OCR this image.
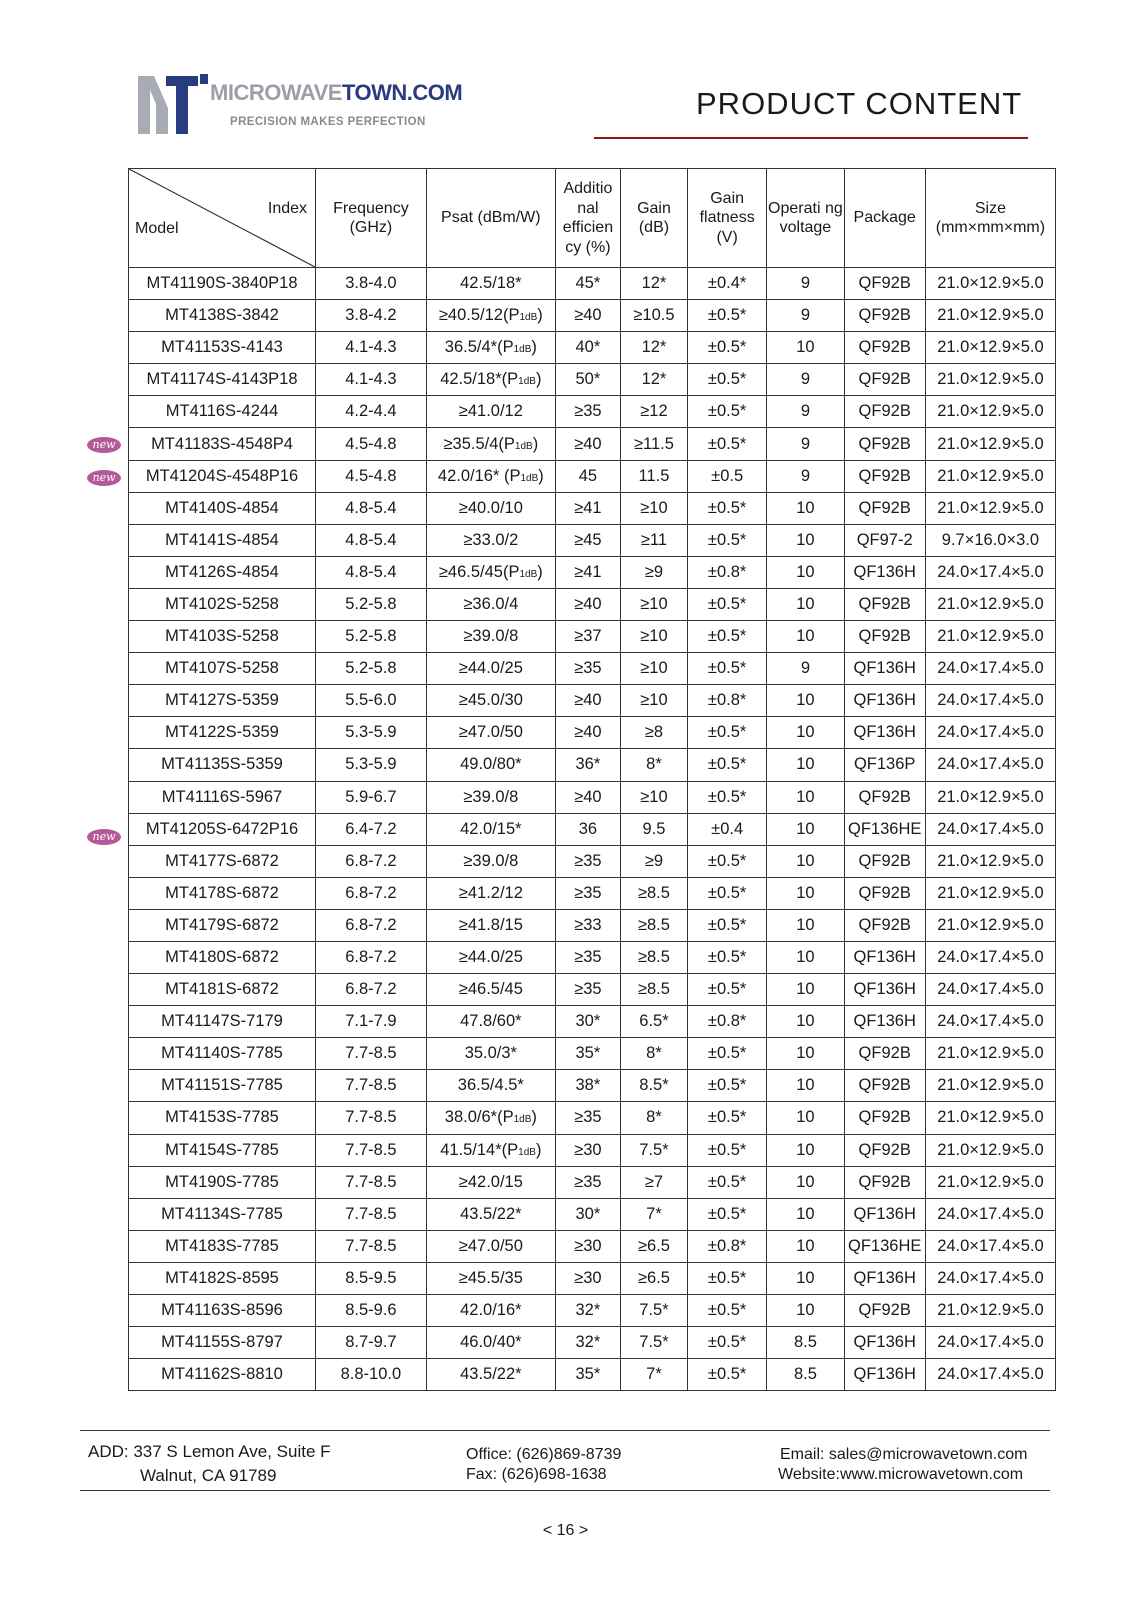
MICROWAVETOWN.COM
PRECISION MAKES PERFECTION
PRODUCT CONTENT
Index
Model	Frequency (GHz)	Psat (dBm/W)	Additio nal efficien cy (%)	Gain (dB)	Gain flatness (V)	Operati ng voltage	Package	Size (mm×mm×mm)
MT41190S-3840P18	3.8-4.0	42.5/18*	45*	12*	±0.4*	9	QF92B	21.0×12.9×5.0
MT4138S-3842	3.8-4.2	≥40.5/12(P1dB)	≥40	≥10.5	±0.5*	9	QF92B	21.0×12.9×5.0
MT41153S-4143	4.1-4.3	36.5/4*(P1dB)	40*	12*	±0.5*	10	QF92B	21.0×12.9×5.0
MT41174S-4143P18	4.1-4.3	42.5/18*(P1dB)	50*	12*	±0.5*	9	QF92B	21.0×12.9×5.0
MT4116S-4244	4.2-4.4	≥41.0/12	≥35	≥12	±0.5*	9	QF92B	21.0×12.9×5.0
MT41183S-4548P4	4.5-4.8	≥35.5/4(P1dB)	≥40	≥11.5	±0.5*	9	QF92B	21.0×12.9×5.0
MT41204S-4548P16	4.5-4.8	42.0/16* (P1dB)	45	11.5	±0.5	9	QF92B	21.0×12.9×5.0
MT4140S-4854	4.8-5.4	≥40.0/10	≥41	≥10	±0.5*	10	QF92B	21.0×12.9×5.0
MT4141S-4854	4.8-5.4	≥33.0/2	≥45	≥11	±0.5*	10	QF97-2	9.7×16.0×3.0
MT4126S-4854	4.8-5.4	≥46.5/45(P1dB)	≥41	≥9	±0.8*	10	QF136H	24.0×17.4×5.0
MT4102S-5258	5.2-5.8	≥36.0/4	≥40	≥10	±0.5*	10	QF92B	21.0×12.9×5.0
MT4103S-5258	5.2-5.8	≥39.0/8	≥37	≥10	±0.5*	10	QF92B	21.0×12.9×5.0
MT4107S-5258	5.2-5.8	≥44.0/25	≥35	≥10	±0.5*	9	QF136H	24.0×17.4×5.0
MT4127S-5359	5.5-6.0	≥45.0/30	≥40	≥10	±0.8*	10	QF136H	24.0×17.4×5.0
MT4122S-5359	5.3-5.9	≥47.0/50	≥40	≥8	±0.5*	10	QF136H	24.0×17.4×5.0
MT41135S-5359	5.3-5.9	49.0/80*	36*	8*	±0.5*	10	QF136P	24.0×17.4×5.0
MT41116S-5967	5.9-6.7	≥39.0/8	≥40	≥10	±0.5*	10	QF92B	21.0×12.9×5.0
MT41205S-6472P16	6.4-7.2	42.0/15*	36	9.5	±0.4	10	QF136HE	24.0×17.4×5.0
MT4177S-6872	6.8-7.2	≥39.0/8	≥35	≥9	±0.5*	10	QF92B	21.0×12.9×5.0
MT4178S-6872	6.8-7.2	≥41.2/12	≥35	≥8.5	±0.5*	10	QF92B	21.0×12.9×5.0
MT4179S-6872	6.8-7.2	≥41.8/15	≥33	≥8.5	±0.5*	10	QF92B	21.0×12.9×5.0
MT4180S-6872	6.8-7.2	≥44.0/25	≥35	≥8.5	±0.5*	10	QF136H	24.0×17.4×5.0
MT4181S-6872	6.8-7.2	≥46.5/45	≥35	≥8.5	±0.5*	10	QF136H	24.0×17.4×5.0
MT41147S-7179	7.1-7.9	47.8/60*	30*	6.5*	±0.8*	10	QF136H	24.0×17.4×5.0
MT41140S-7785	7.7-8.5	35.0/3*	35*	8*	±0.5*	10	QF92B	21.0×12.9×5.0
MT41151S-7785	7.7-8.5	36.5/4.5*	38*	8.5*	±0.5*	10	QF92B	21.0×12.9×5.0
MT4153S-7785	7.7-8.5	38.0/6*(P1dB)	≥35	8*	±0.5*	10	QF92B	21.0×12.9×5.0
MT4154S-7785	7.7-8.5	41.5/14*(P1dB)	≥30	7.5*	±0.5*	10	QF92B	21.0×12.9×5.0
MT4190S-7785	7.7-8.5	≥42.0/15	≥35	≥7	±0.5*	10	QF92B	21.0×12.9×5.0
MT41134S-7785	7.7-8.5	43.5/22*	30*	7*	±0.5*	10	QF136H	24.0×17.4×5.0
MT4183S-7785	7.7-8.5	≥47.0/50	≥30	≥6.5	±0.8*	10	QF136HE	24.0×17.4×5.0
MT4182S-8595	8.5-9.5	≥45.5/35	≥30	≥6.5	±0.5*	10	QF136H	24.0×17.4×5.0
MT41163S-8596	8.5-9.6	42.0/16*	32*	7.5*	±0.5*	10	QF92B	21.0×12.9×5.0
MT41155S-8797	8.7-9.7	46.0/40*	32*	7.5*	±0.5*	8.5	QF136H	24.0×17.4×5.0
MT41162S-8810	8.8-10.0	43.5/22*	35*	7*	±0.5*	8.5	QF136H	24.0×17.4×5.0
new
new
new
ADD: 337 S Lemon Ave, Suite F
Walnut, CA 91789
Office: (626)869-8739
Fax: (626)698-1638
Email: sales@microwavetown.com
Website:www.microwavetown.com
< 16 >
